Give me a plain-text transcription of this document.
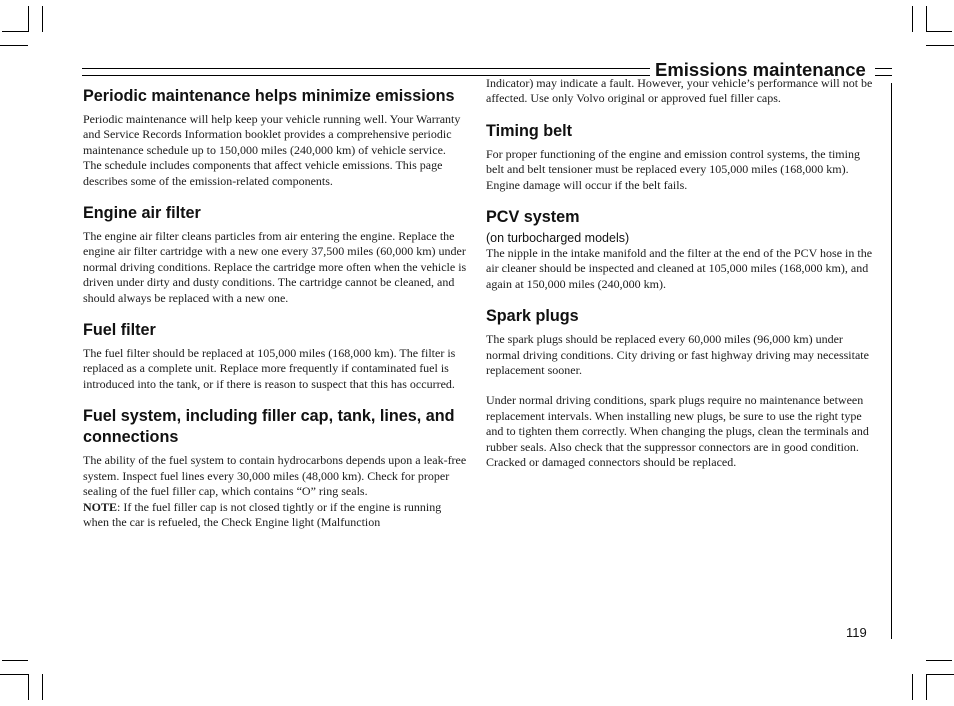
Emissions maintenance
Periodic maintenance helps minimize emissions

Periodic maintenance will help keep your vehicle running well. Your Warranty and Service Records Information booklet provides a comprehensive periodic maintenance schedule up to 150,000 miles (240,000 km) of vehicle service. The schedule includes components that affect vehicle emissions. This page describes some of the emission-related components.

Engine air filter

The engine air filter cleans particles from air entering the engine. Replace the engine air filter cartridge with a new one every 37,500 miles (60,000 km) under normal driving conditions. Replace the cartridge more often when the vehicle is driven under dirty and dusty conditions. The cartridge cannot be cleaned, and should always be replaced with a new one.

Fuel filter

The fuel filter should be replaced at 105,000 miles (168,000 km). The filter is replaced as a complete unit. Replace more frequently if contaminated fuel is introduced into the tank, or if there is reason to suspect that this has occurred.

Fuel system, including filler cap, tank, lines, and connections

The ability of the fuel system to contain hydrocarbons depends upon a leak-free system. Inspect fuel lines every 30,000 miles (48,000 km). Check for proper sealing of the fuel filler cap, which contains “O” ring seals.

NOTE: If the fuel filler cap is not closed tightly or if the engine is running when the car is refueled, the Check Engine light (Malfunction

Indicator) may indicate a fault. However, your vehicle’s performance will not be affected. Use only Volvo original or approved fuel filler caps.

Timing belt

For proper functioning of the engine and emission control systems, the timing belt and belt tensioner must be replaced every 105,000 miles (168,000 km). Engine damage will occur if the belt fails.

PCV system
(on turbocharged models)

The nipple in the intake manifold and the filter at the end of the PCV hose in the air cleaner should be inspected and cleaned at 105,000 miles (168,000 km), and again at 150,000 miles (240,000 km).

Spark plugs

The spark plugs should be replaced every 60,000 miles (96,000 km) under normal driving conditions. City driving or fast highway driving may necessitate replacement sooner.

Under normal driving conditions, spark plugs require no maintenance between replacement intervals. When installing new plugs, be sure to use the right type and to tighten them correctly. When changing the plugs, clean the terminals and rubber seals. Also check that the suppressor connectors are in good condition. Cracked or damaged connectors should be replaced.

119
